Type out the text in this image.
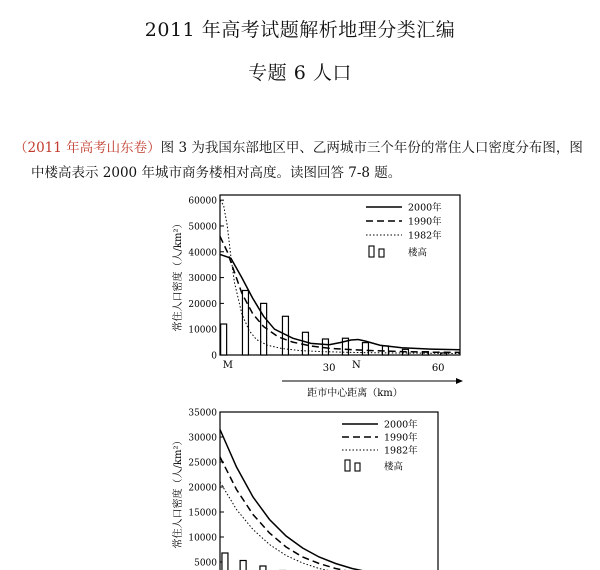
2011 年高考试题解析地理分类汇编
专题 6 人口
（2011 年高考山东卷）图 3 为我国东部地区甲、乙两城市三个年份的常住人口密度分布图，图
中楼高表示 2000 年城市商务楼相对高度。读图回答 7-8 题。
常住人口密度（人/km²）
60000
50000
40000
30000
20000
10000
0
30	60
M	N
距市中心距离（km）
2000年
1990年
1982年
楼高
常住人口密度（人/km²）
35000
30000
25000
20000
15000
10000
5000
2000年
1990年
1982年
楼高
